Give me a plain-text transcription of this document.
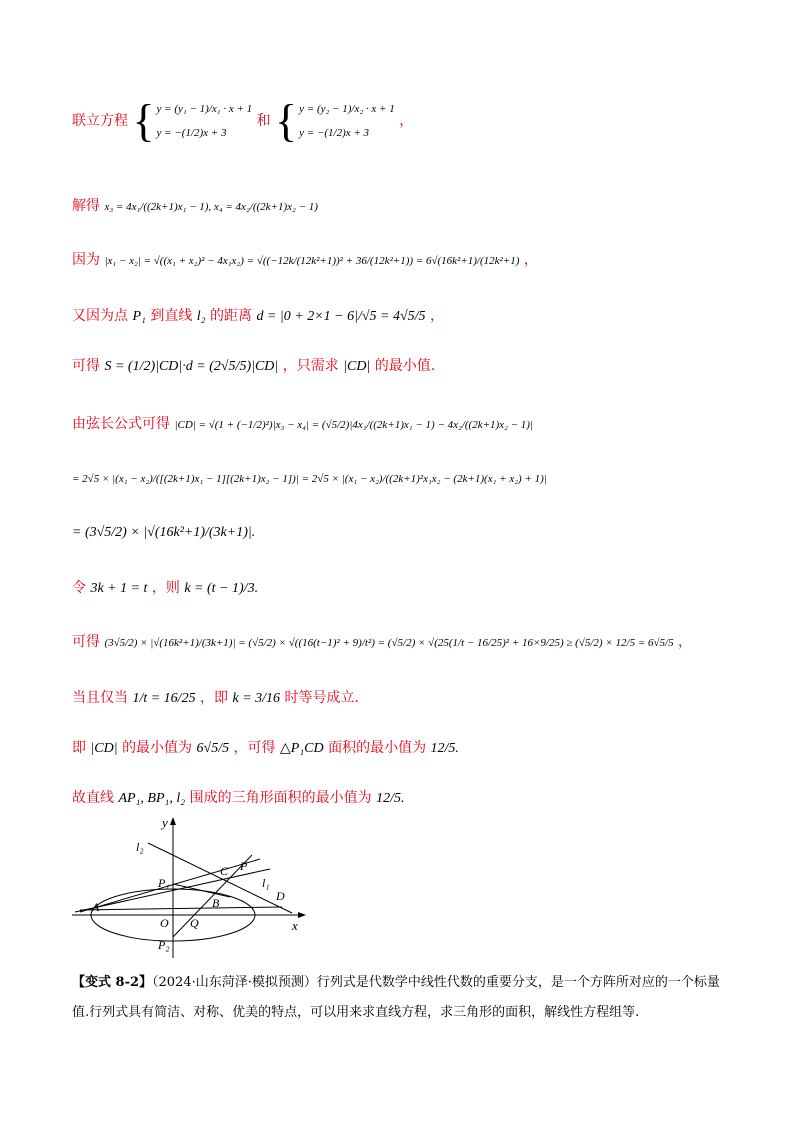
联立方程 { y = (y₁ − 1)/x₁ · x + 1
y = −(1/2)x + 3
和 { y = (y₂ − 1)/x₂ · x + 1
y = −(1/2)x + 3
，
解得 x₃ = 4x₁/((2k+1)x₁ − 1), x₄ = 4x₂/((2k+1)x₂ − 1)
因为 |x₁ − x₂| = √((x₁ + x₂)² − 4x₁x₂) = √((−12k/(12k²+1))² + 36/(12k²+1)) = 6√(16k²+1)/(12k²+1) ，
又因为点 P₁ 到直线 l₂ 的距离 d = |0 + 2×1 − 6|/√5 = 4√5/5 ，
可得 S = (1/2)|CD|·d = (2√5/5)|CD| ，只需求 |CD| 的最小值.
由弦长公式可得 |CD| = √(1 + (−1/2)²)|x₃ − x₄| = (√5/2)|4x₁/((2k+1)x₁ − 1) − 4x₂/((2k+1)x₂ − 1)|
= 2√5 × |(x₁ − x₂)/([(2k+1)x₁ − 1][(2k+1)x₂ − 1])| = 2√5 × |(x₁ − x₂)/((2k+1)²x₁x₂ − (2k+1)(x₁ + x₂) + 1)|
= (3√5/2) × |√(16k²+1)/(3k+1)|.
令 3k + 1 = t ，则 k = (t − 1)/3.
可得 (3√5/2) × |√(16k²+1)/(3k+1)| = (√5/2) × √((16(t−1)² + 9)/t²) = (√5/2) × √(25(1/t − 16/25)² + 16×9/25) ≥ (√5/2) × 12/5 = 6√5/5 ，
当且仅当 1/t = 16/25 ，即 k = 3/16 时等号成立.
即 |CD| 的最小值为 6√5/5 ，可得 △P₁CD 面积的最小值为 12/5.
故直线 AP₁, BP₁, l₂ 围成的三角形面积的最小值为 12/5.
y
x
l₂
l₁
P₁
P₂
C P
D
A	B
O Q
【变式 8-2】（2024·山东菏泽·模拟预测）行列式是代数学中线性代数的重要分支，是一个方阵所对应的一个标量值.行列式具有简洁、对称、优美的特点，可以用来求直线方程，求三角形的面积，解线性方程组等.
